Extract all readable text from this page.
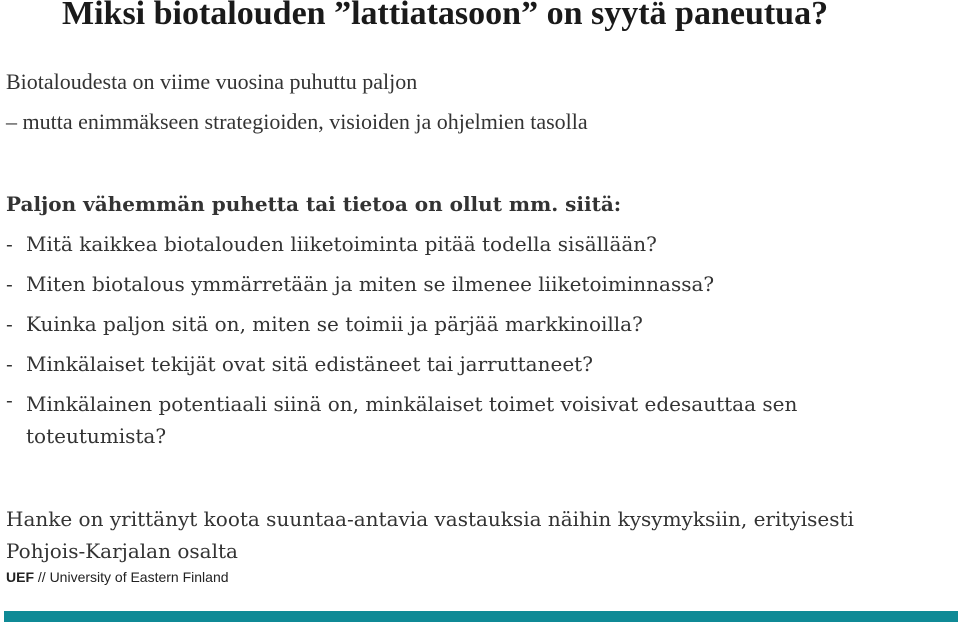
Miksi biotalouden ”lattiatasoon” on syytä paneutua?
Biotaloudesta on viime vuosina puhuttu paljon
– mutta enimmäkseen strategioiden, visioiden ja ohjelmien tasolla
Paljon vähemmän puhetta tai tietoa on ollut mm. siitä:
- Mitä kaikkea biotalouden liiketoiminta pitää todella sisällään?
- Miten biotalous ymmärretään ja miten se ilmenee liiketoiminnassa?
- Kuinka paljon sitä on, miten se toimii ja pärjää markkinoilla?
- Minkälaiset tekijät ovat sitä edistäneet tai jarruttaneet?
- Minkälainen potentiaali siinä on, minkälaiset toimet voisivat edesauttaa sen toteutumista?
Hanke on yrittänyt koota suuntaa-antavia vastauksia näihin kysymyksiin, erityisesti Pohjois-Karjalan osalta
UEF // University of Eastern Finland
